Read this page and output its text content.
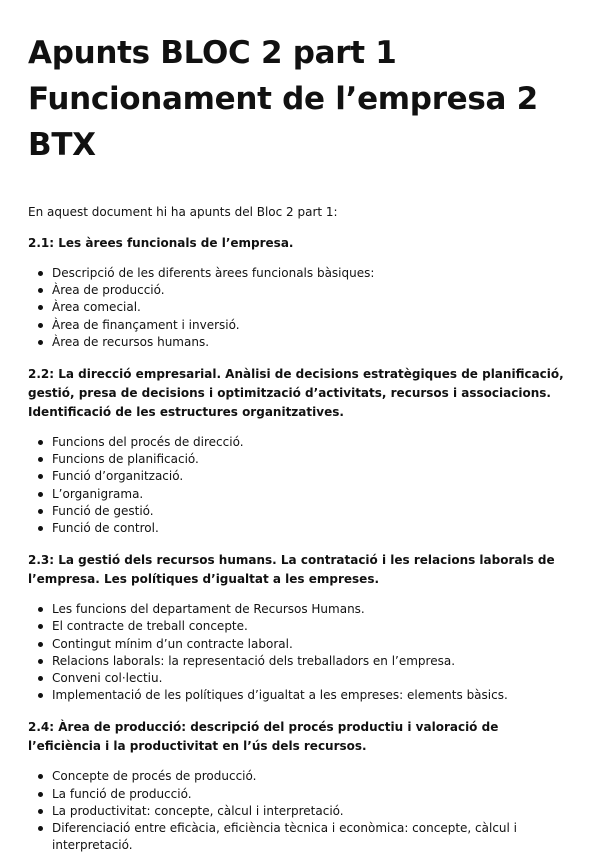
Apunts BLOC 2 part 1
Funcionament de l’empresa 2 BTX

En aquest document hi ha apunts del Bloc 2 part 1:

2.1: Les àrees funcionals de l’empresa.

Descripció de les diferents àrees funcionals bàsiques:
Àrea de producció.
Àrea comecial.
Àrea de finançament i inversió.
Àrea de recursos humans.

2.2: La direcció empresarial. Anàlisi de decisions estratègiques de planificació, gestió, presa de decisions i optimització d’activitats, recursos i associacions. Identificació de les estructures organitzatives.

Funcions del procés de direcció.
Funcions de planificació.
Funció d’organització.
L’organigrama.
Funció de gestió.
Funció de control.

2.3: La gestió dels recursos humans. La contratació i les relacions laborals de l’empresa. Les polítiques d’igualtat a les empreses.

Les funcions del departament de Recursos Humans.
El contracte de treball concepte.
Contingut mínim d’un contracte laboral.
Relacions laborals: la representació dels treballadors en l’empresa.
Conveni col·lectiu.
Implementació de les polítiques d’igualtat a les empreses: elements bàsics.

2.4: Àrea de producció: descripció del procés productiu i valoració de l’eficiència i la productivitat en l’ús dels recursos.

Concepte de procés de producció.
La funció de producció.
La productivitat: concepte, càlcul i interpretació.
Diferenciació entre eficàcia, eficiència tècnica i econòmica: concepte, càlcul i interpretació.
